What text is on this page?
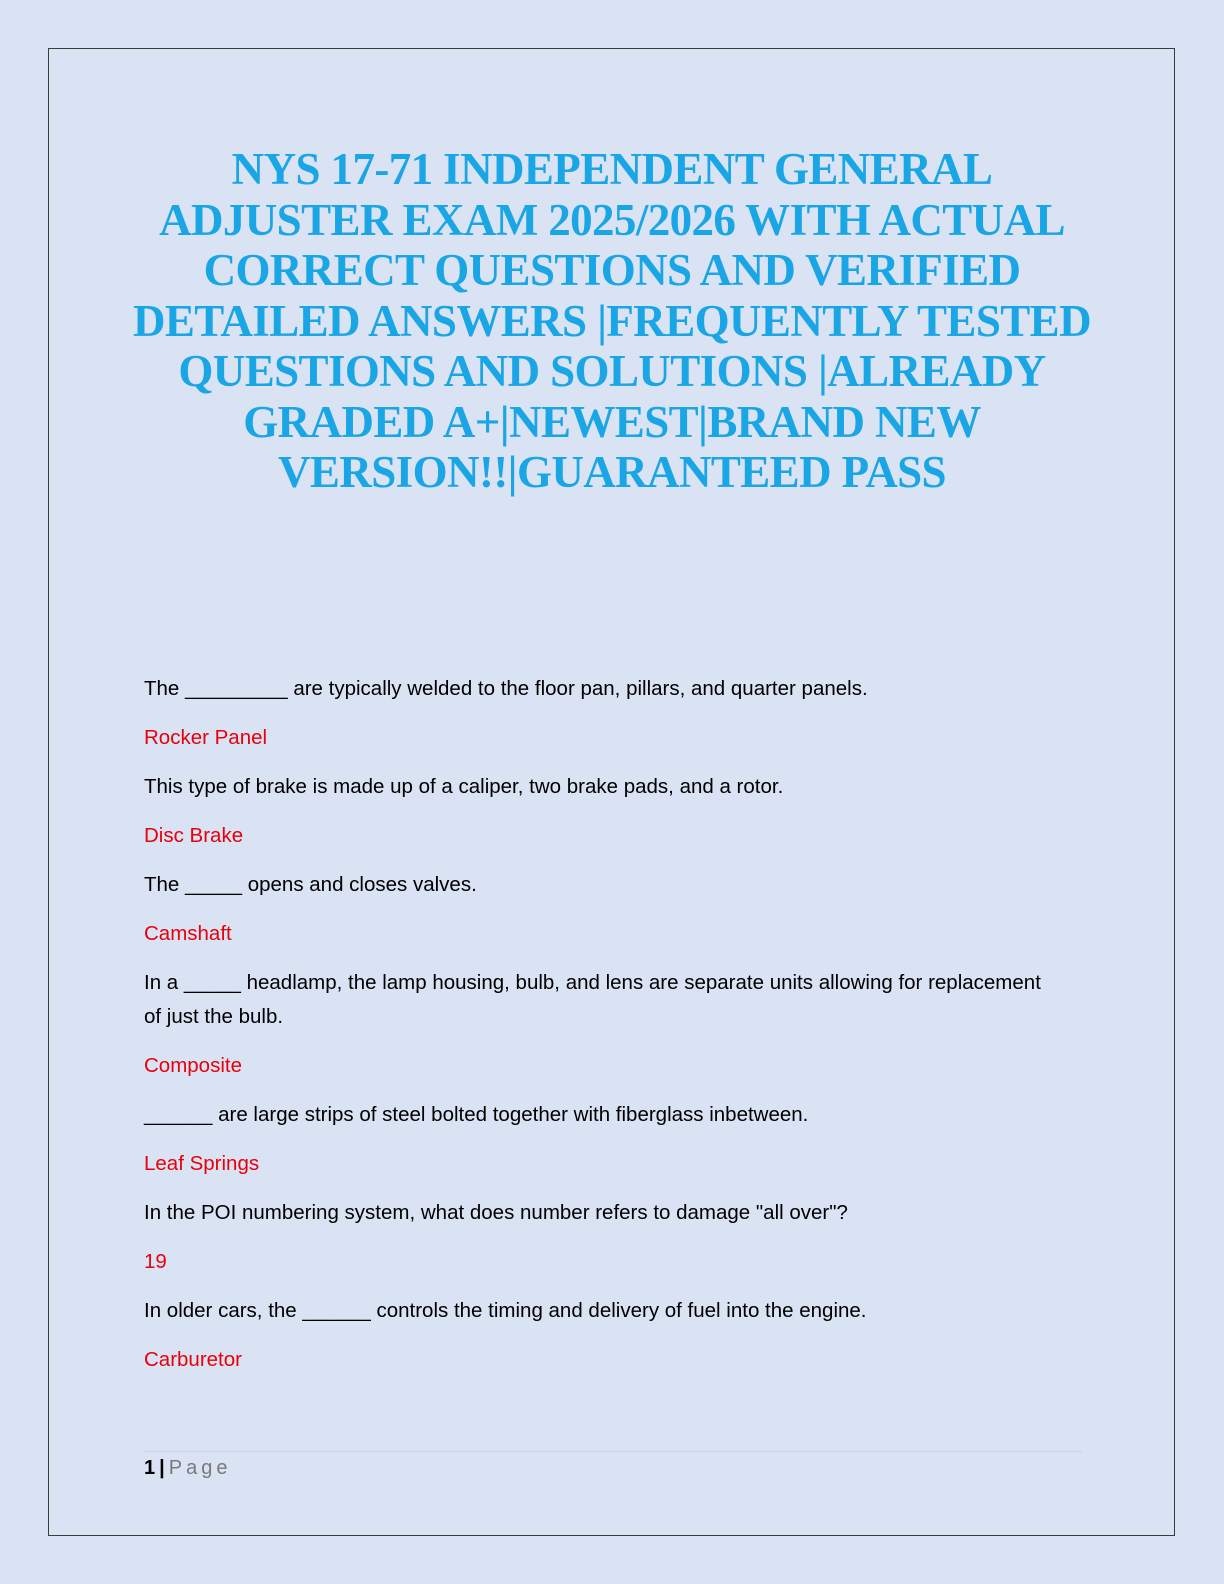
NYS 17-71 INDEPENDENT GENERAL ADJUSTER EXAM 2025/2026 WITH ACTUAL CORRECT QUESTIONS AND VERIFIED DETAILED ANSWERS |FREQUENTLY TESTED QUESTIONS AND SOLUTIONS |ALREADY GRADED A+|NEWEST|BRAND NEW VERSION!!|GUARANTEED PASS

The _________ are typically welded to the floor pan, pillars, and quarter panels.

Rocker Panel

This type of brake is made up of a caliper, two brake pads, and a rotor.

Disc Brake

The _____ opens and closes valves.

Camshaft

In a _____ headlamp, the lamp housing, bulb, and lens are separate units allowing for replacement of just the bulb.

Composite

______ are large strips of steel bolted together with fiberglass inbetween.

Leaf Springs

In the POI numbering system, what does number refers to damage "all over"?

19

In older cars, the ______ controls the timing and delivery of fuel into the engine.

Carburetor

1 | Page
